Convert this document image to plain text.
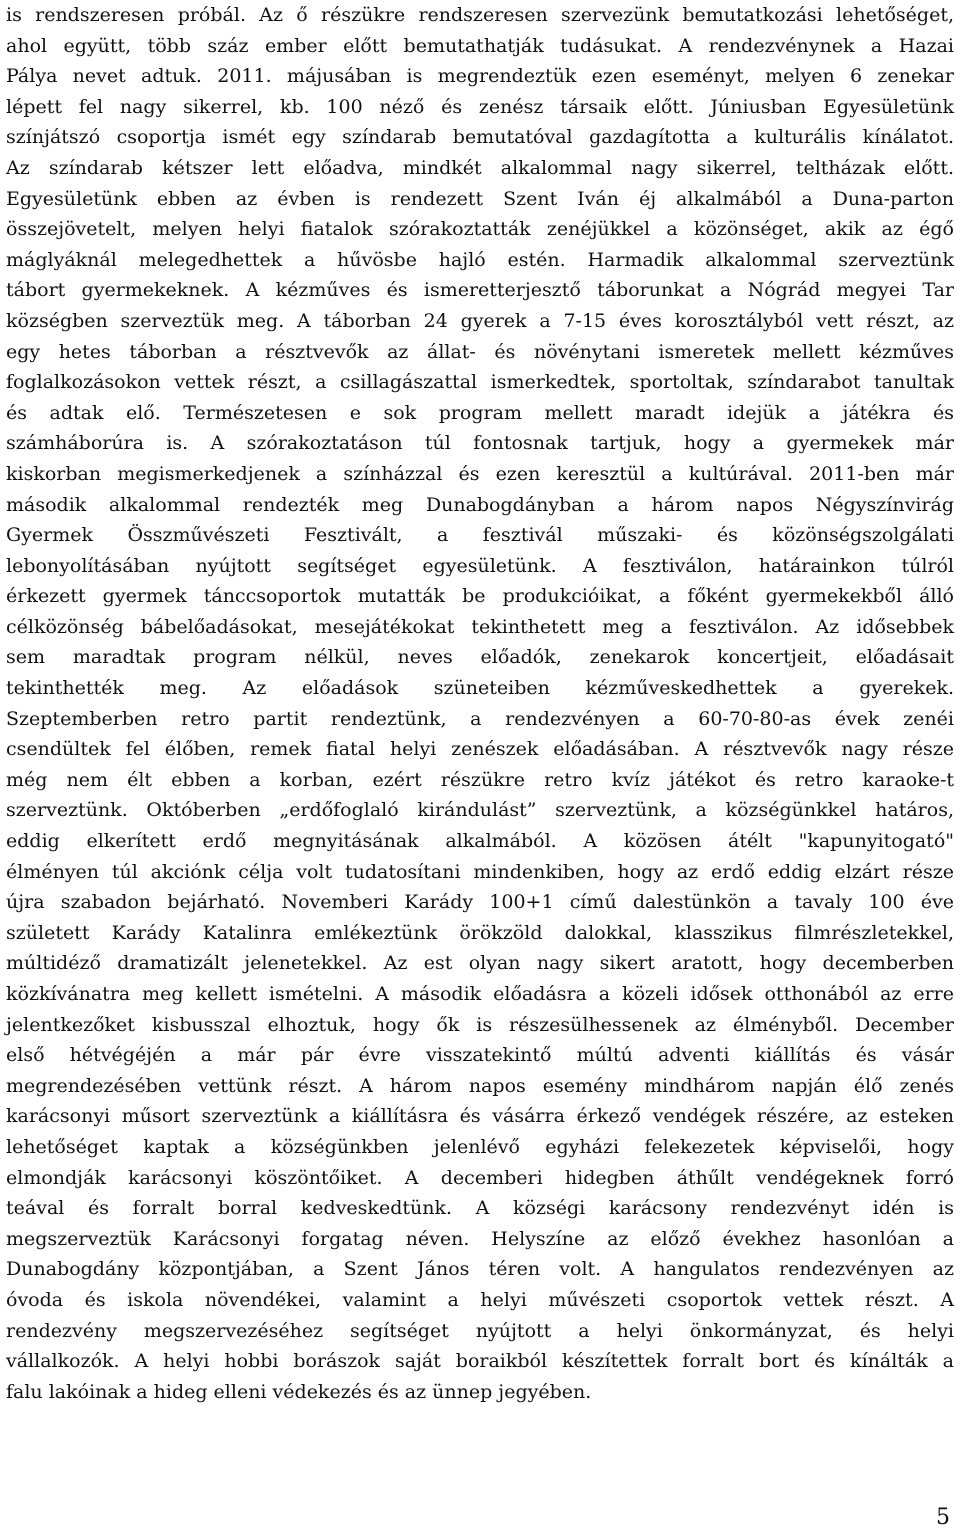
is rendszeresen próbál. Az ő részükre rendszeresen szervezünk bemutatkozási lehetőséget,
ahol együtt, több száz ember előtt bemutathatják tudásukat. A rendezvénynek a Hazai
Pálya nevet adtuk. 2011. májusában is megrendeztük ezen eseményt, melyen 6 zenekar
lépett fel nagy sikerrel, kb. 100 néző és zenész társaik előtt. Júniusban Egyesületünk
színjátszó csoportja ismét egy színdarab bemutatóval gazdagította a kulturális kínálatot.
Az színdarab kétszer lett előadva, mindkét alkalommal nagy sikerrel, teltházak előtt.
Egyesületünk ebben az évben is rendezett Szent Iván éj alkalmából a Duna-parton
összejövetelt, melyen helyi fiatalok szórakoztatták zenéjükkel a közönséget, akik az égő
máglyáknál melegedhettek a hűvösbe hajló estén. Harmadik alkalommal szerveztünk
tábort gyermekeknek. A kézműves és ismeretterjesztő táborunkat a Nógrád megyei Tar
községben szerveztük meg. A táborban 24 gyerek a 7-15 éves korosztályból vett részt, az
egy hetes táborban a résztvevők az állat- és növénytani ismeretek mellett kézműves
foglalkozásokon vettek részt, a csillagászattal ismerkedtek, sportoltak, színdarabot tanultak
és adtak elő. Természetesen e sok program mellett maradt idejük a játékra és
számháborúra is. A szórakoztatáson túl fontosnak tartjuk, hogy a gyermekek már
kiskorban megismerkedjenek a színházzal és ezen keresztül a kultúrával. 2011-ben már
második alkalommal rendezték meg Dunabogdányban a három napos Négyszínvirág
Gyermek Összművészeti Fesztivált, a fesztivál műszaki- és közönségszolgálati
lebonyolításában nyújtott segítséget egyesületünk. A fesztiválon, határainkon túlról
érkezett gyermek tánccsoportok mutatták be produkcióikat, a főként gyermekekből álló
célközönség bábelőadásokat, mesejátékokat tekinthetett meg a fesztiválon. Az idősebbek
sem maradtak program nélkül, neves előadók, zenekarok koncertjeit, előadásait
tekinthették meg. Az előadások szüneteiben kézműveskedhettek a gyerekek.
Szeptemberben retro partit rendeztünk, a rendezvényen a 60-70-80-as évek zenéi
csendültek fel élőben, remek fiatal helyi zenészek előadásában. A résztvevők nagy része
még nem élt ebben a korban, ezért részükre retro kvíz játékot és retro karaoke-t
szerveztünk. Októberben „erdőfoglaló kirándulást” szerveztünk, a községünkkel határos,
eddig elkerített erdő megnyitásának alkalmából. A közösen átélt "kapunyitogató"
élményen túl akciónk célja volt tudatosítani mindenkiben, hogy az erdő eddig elzárt része
újra szabadon bejárható. Novemberi Karády 100+1 című dalestünkön a tavaly 100 éve
született Karády Katalinra emlékeztünk örökzöld dalokkal, klasszikus filmrészletekkel,
múltidéző dramatizált jelenetekkel. Az est olyan nagy sikert aratott, hogy decemberben
közkívánatra meg kellett ismételni. A második előadásra a közeli idősek otthonából az erre
jelentkezőket kisbusszal elhoztuk, hogy ők is részesülhessenek az élményből. December
első hétvégéjén a már pár évre visszatekintő múltú adventi kiállítás és vásár
megrendezésében vettünk részt. A három napos esemény mindhárom napján élő zenés
karácsonyi műsort szerveztünk a kiállításra és vásárra érkező vendégek részére, az esteken
lehetőséget kaptak a községünkben jelenlévő egyházi felekezetek képviselői, hogy
elmondják karácsonyi köszöntőiket. A decemberi hidegben áthűlt vendégeknek forró
teával és forralt borral kedveskedtünk. A községi karácsony rendezvényt idén is
megszerveztük Karácsonyi forgatag néven. Helyszíne az előző évekhez hasonlóan a
Dunabogdány központjában, a Szent János téren volt. A hangulatos rendezvényen az
óvoda és iskola növendékei, valamint a helyi művészeti csoportok vettek részt. A
rendezvény megszervezéséhez segítséget nyújtott a helyi önkormányzat, és helyi
vállalkozók. A helyi hobbi borászok saját boraikból készítettek forralt bort és kínálták a
falu lakóinak a hideg elleni védekezés és az ünnep jegyében.
5
